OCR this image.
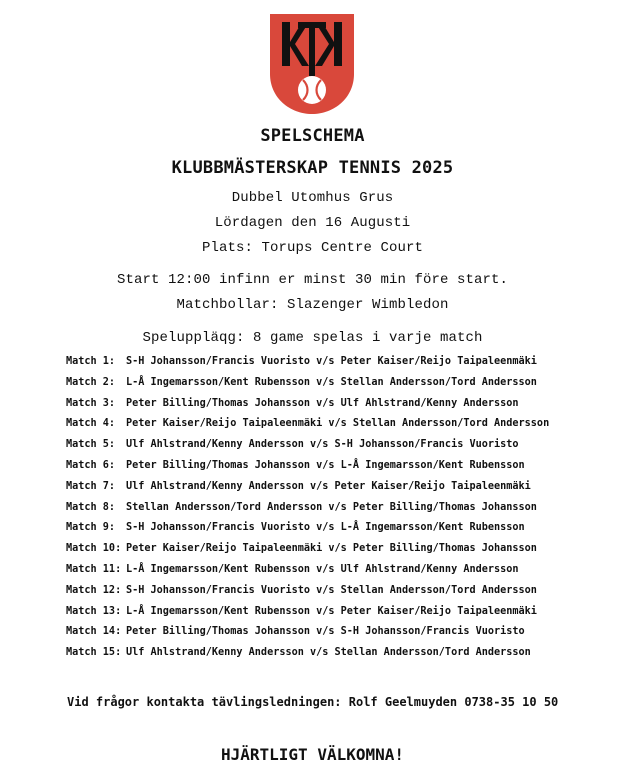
SPELSCHEMA
KLUBBMÄSTERSKAP TENNIS 2025
Dubbel Utomhus Grus
Lördagen den 16 Augusti
Plats: Torups Centre Court
Start 12:00 infinn er minst 30 min före start.
Matchbollar: Slazenger Wimbledon
Speluppläqg: 8 game spelas i varje match
Match 1: S-H Johansson/Francis Vuoristo v/s Peter Kaiser/Reijo Taipaleenmäki
Match 2: L-Å Ingemarsson/Kent Rubensson v/s Stellan Andersson/Tord Andersson
Match 3: Peter Billing/Thomas Johansson v/s Ulf Ahlstrand/Kenny Andersson
Match 4: Peter Kaiser/Reijo Taipaleenmäki v/s Stellan Andersson/Tord Andersson
Match 5: Ulf Ahlstrand/Kenny Andersson v/s S-H Johansson/Francis Vuoristo
Match 6: Peter Billing/Thomas Johansson v/s L-Å Ingemarsson/Kent Rubensson
Match 7: Ulf Ahlstrand/Kenny Andersson v/s Peter Kaiser/Reijo Taipaleenmäki
Match 8: Stellan Andersson/Tord Andersson v/s Peter Billing/Thomas Johansson
Match 9: S-H Johansson/Francis Vuoristo v/s L-Å Ingemarsson/Kent Rubensson
Match 10: Peter Kaiser/Reijo Taipaleenmäki v/s Peter Billing/Thomas Johansson
Match 11: L-Å Ingemarsson/Kent Rubensson v/s Ulf Ahlstrand/Kenny Andersson
Match 12: S-H Johansson/Francis Vuoristo v/s Stellan Andersson/Tord Andersson
Match 13: L-Å Ingemarsson/Kent Rubensson v/s Peter Kaiser/Reijo Taipaleenmäki
Match 14: Peter Billing/Thomas Johansson v/s S-H Johansson/Francis Vuoristo
Match 15: Ulf Ahlstrand/Kenny Andersson v/s Stellan Andersson/Tord Andersson
Vid frågor kontakta tävlingsledningen: Rolf Geelmuyden 0738-35 10 50
HJÄRTLIGT VÄLKOMNA!
